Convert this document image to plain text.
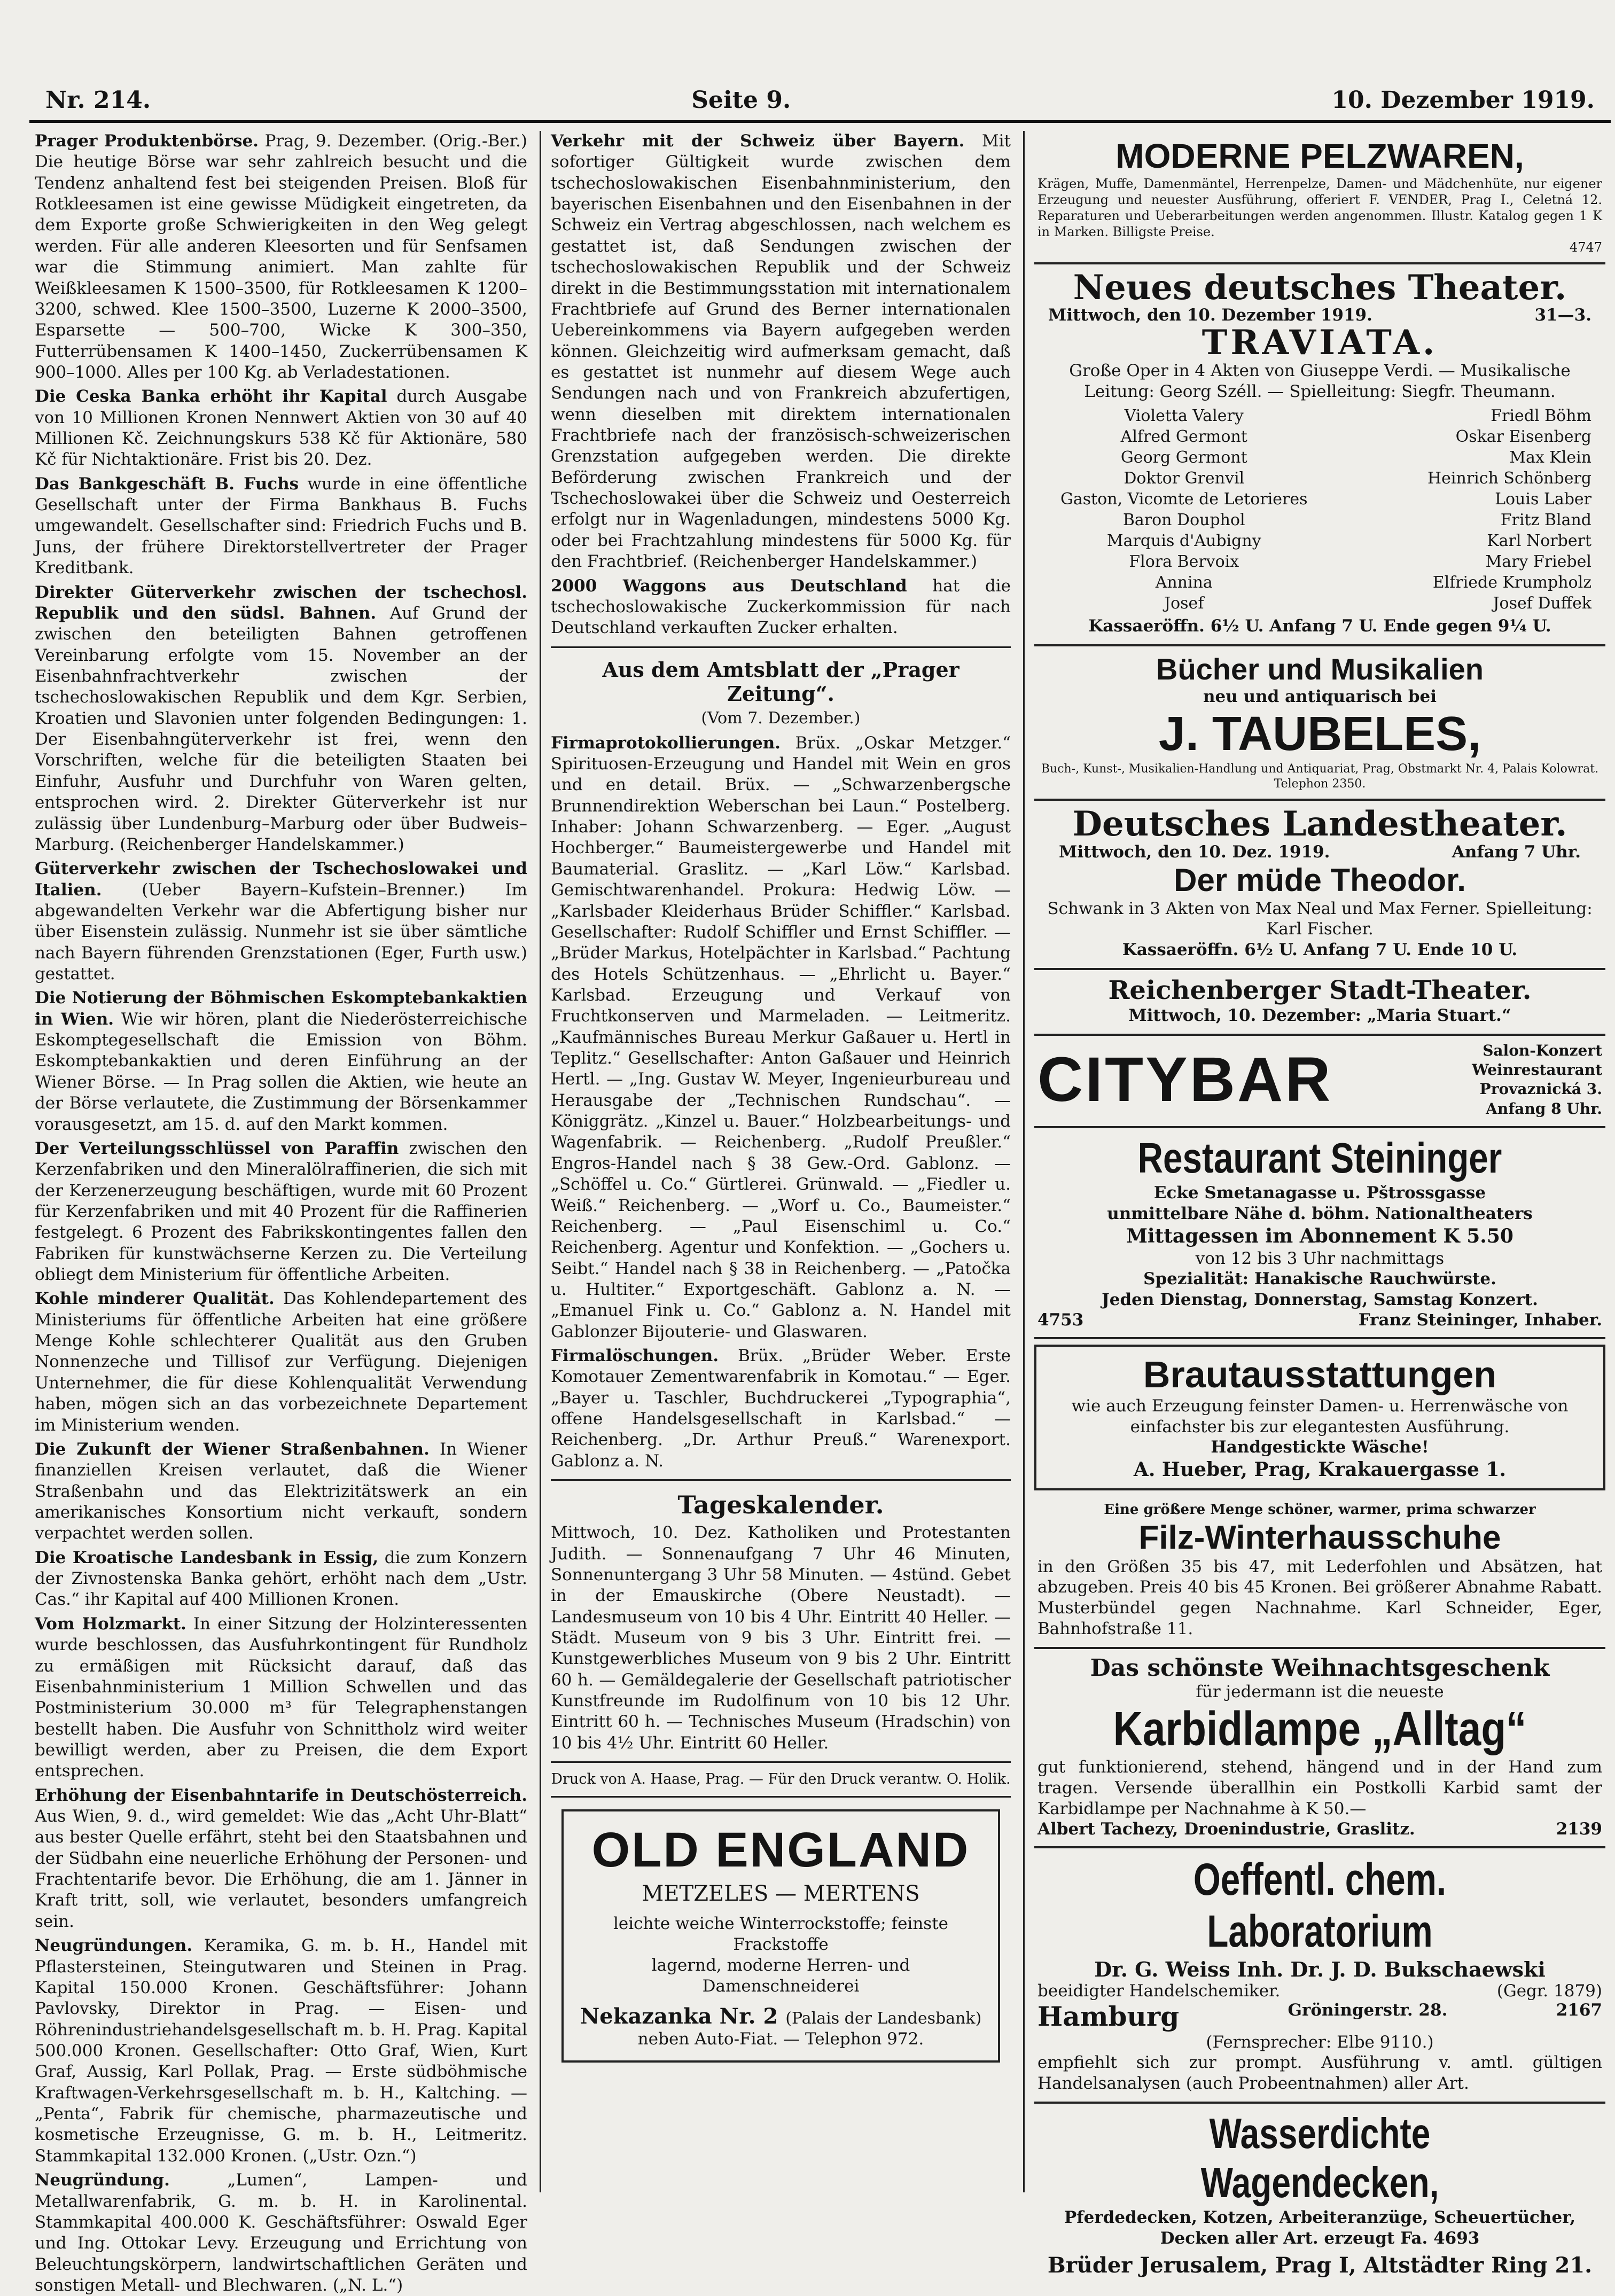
Nr. 214.	Seite 9.	10. Dezember 1919.

Prager Produktenbörse. Prag, 9. Dezember. (Orig.-Ber.) Die heutige Börse war sehr zahlreich besucht und die Tendenz anhaltend fest bei steigenden Preisen. Bloß für Rotkleesamen ist eine gewisse Müdigkeit eingetreten, da dem Exporte große Schwierigkeiten in den Weg gelegt werden. Für alle anderen Kleesorten und für Senfsamen war die Stimmung animiert. Man zahlte für Weißkleesamen K 1500–3500, für Rotkleesamen K 1200–3200, schwed. Klee 1500–3500, Luzerne K 2000–3500, Esparsette — 500–700, Wicke K 300–350, Futterrübensamen K 1400–1450, Zuckerrübensamen K 900–1000. Alles per 100 Kg. ab Verladestationen.

Die Ceska Banka erhöht ihr Kapital durch Ausgabe von 10 Millionen Kronen Nennwert Aktien von 30 auf 40 Millionen Kč. Zeichnungskurs 538 Kč für Aktionäre, 580 Kč für Nichtaktionäre. Frist bis 20. Dez.

Das Bankgeschäft B. Fuchs wurde in eine öffentliche Gesellschaft unter der Firma Bankhaus B. Fuchs umgewandelt. Gesellschafter sind: Friedrich Fuchs und B. Juns, der frühere Direktorstellvertreter der Prager Kreditbank.

Direkter Güterverkehr zwischen der tschechosl. Republik und den südsl. Bahnen. Auf Grund der zwischen den beteiligten Bahnen getroffenen Vereinbarung erfolgte vom 15. November an der Eisenbahnfrachtverkehr zwischen der tschechoslowakischen Republik und dem Kgr. Serbien, Kroatien und Slavonien unter folgenden Bedingungen: 1. Der Eisenbahngüterverkehr ist frei, wenn den Vorschriften, welche für die beteiligten Staaten bei Einfuhr, Ausfuhr und Durchfuhr von Waren gelten, entsprochen wird. 2. Direkter Güterverkehr ist nur zulässig über Lundenburg–Marburg oder über Budweis–Marburg. (Reichenberger Handelskammer.)

Güterverkehr zwischen der Tschechoslowakei und Italien. (Ueber Bayern–Kufstein–Brenner.) Im abgewandelten Verkehr war die Abfertigung bisher nur über Eisenstein zulässig. Nunmehr ist sie über sämtliche nach Bayern führenden Grenzstationen (Eger, Furth usw.) gestattet.

Die Notierung der Böhmischen Eskomptebankaktien in Wien. Wie wir hören, plant die Niederösterreichische Eskomptegesellschaft die Emission von Böhm. Eskomptebankaktien und deren Einführung an der Wiener Börse. — In Prag sollen die Aktien, wie heute an der Börse verlautete, die Zustimmung der Börsenkammer vorausgesetzt, am 15. d. auf den Markt kommen.

Der Verteilungsschlüssel von Paraffin zwischen den Kerzenfabriken und den Mineralölraffinerien, die sich mit der Kerzenerzeugung beschäftigen, wurde mit 60 Prozent für Kerzenfabriken und mit 40 Prozent für die Raffinerien festgelegt. 6 Prozent des Fabrikskontingentes fallen den Fabriken für kunstwächserne Kerzen zu. Die Verteilung obliegt dem Ministerium für öffentliche Arbeiten.

Kohle minderer Qualität. Das Kohlendepartement des Ministeriums für öffentliche Arbeiten hat eine größere Menge Kohle schlechterer Qualität aus den Gruben Nonnenzeche und Tillisof zur Verfügung. Diejenigen Unternehmer, die für diese Kohlenqualität Verwendung haben, mögen sich an das vorbezeichnete Departement im Ministerium wenden.

Die Zukunft der Wiener Straßenbahnen. In Wiener finanziellen Kreisen verlautet, daß die Wiener Straßenbahn und das Elektrizitätswerk an ein amerikanisches Konsortium nicht verkauft, sondern verpachtet werden sollen.

Die Kroatische Landesbank in Essig, die zum Konzern der Zivnostenska Banka gehört, erhöht nach dem „Ustr. Cas.“ ihr Kapital auf 400 Millionen Kronen.

Vom Holzmarkt. In einer Sitzung der Holzinteressenten wurde beschlossen, das Ausfuhrkontingent für Rundholz zu ermäßigen mit Rücksicht darauf, daß das Eisenbahnministerium 1 Million Schwellen und das Postministerium 30.000 m³ für Telegraphenstangen bestellt haben. Die Ausfuhr von Schnittholz wird weiter bewilligt werden, aber zu Preisen, die dem Export entsprechen.

Erhöhung der Eisenbahntarife in Deutschösterreich. Aus Wien, 9. d., wird gemeldet: Wie das „Acht Uhr-Blatt“ aus bester Quelle erfährt, steht bei den Staatsbahnen und der Südbahn eine neuerliche Erhöhung der Personen- und Frachtentarife bevor. Die Erhöhung, die am 1. Jänner in Kraft tritt, soll, wie verlautet, besonders umfangreich sein.

Neugründungen. Keramika, G. m. b. H., Handel mit Pflastersteinen, Steingutwaren und Steinen in Prag. Kapital 150.000 Kronen. Geschäftsführer: Johann Pavlovsky, Direktor in Prag. — Eisen- und Röhrenindustriehandelsgesellschaft m. b. H. Prag. Kapital 500.000 Kronen. Gesellschafter: Otto Graf, Wien, Kurt Graf, Aussig, Karl Pollak, Prag. — Erste südböhmische Kraftwagen-Verkehrsgesellschaft m. b. H., Kaltching. — „Penta“, Fabrik für chemische, pharmazeutische und kosmetische Erzeugnisse, G. m. b. H., Leitmeritz. Stammkapital 132.000 Kronen. („Ustr. Ozn.“)

Neugründung.	„Lumen“, Lampen- und Metallwarenfabrik, G. m. b. H. in Karolinental. Stammkapital 400.000 K. Geschäftsführer: Oswald Eger und Ing. Ottokar Levy. Erzeugung und Errichtung von Beleuchtungskörpern, landwirtschaftlichen Geräten und sonstigen Metall- und Blechwaren. („N. L.“)

Verkehr mit der Schweiz über Bayern. Mit sofortiger Gültigkeit wurde zwischen dem tschechoslowakischen Eisenbahnministerium, den bayerischen Eisenbahnen und den Eisenbahnen in der Schweiz ein Vertrag abgeschlossen, nach welchem es gestattet ist, daß Sendungen zwischen der tschechoslowakischen Republik und der Schweiz direkt in die Bestimmungsstation mit internationalem Frachtbriefe auf Grund des Berner internationalen Uebereinkommens via Bayern aufgegeben werden können. Gleichzeitig wird aufmerksam gemacht, daß es gestattet ist nunmehr auf diesem Wege auch Sendungen nach und von Frankreich abzufertigen, wenn dieselben mit direktem internationalen Frachtbriefe nach der französisch-schweizerischen Grenzstation aufgegeben werden. Die direkte Beförderung zwischen Frankreich und der Tschechoslowakei über die Schweiz und Oesterreich erfolgt nur in Wagenladungen, mindestens 5000 Kg. oder bei Frachtzahlung mindestens für 5000 Kg. für den Frachtbrief. (Reichenberger Handelskammer.)

2000 Waggons aus Deutschland hat die tschechoslowakische Zuckerkommission für nach Deutschland verkauften Zucker erhalten.

Aus dem Amtsblatt der „Prager Zeitung“.
(Vom 7. Dezember.)

Firmaprotokollierungen. Brüx. „Oskar Metzger.“ Spirituosen-Erzeugung und Handel mit Wein en gros und en detail. Brüx. — „Schwarzenbergsche Brunnendirektion Weberschan bei Laun.“ Postelberg. Inhaber: Johann Schwarzenberg. — Eger. „August Hochberger.“ Baumeistergewerbe und Handel mit Baumaterial. Graslitz. — „Karl Löw.“ Karlsbad. Gemischtwarenhandel. Prokura: Hedwig Löw. — „Karlsbader Kleiderhaus Brüder Schiffler.“ Karlsbad. Gesellschafter: Rudolf Schiffler und Ernst Schiffler. — „Brüder Markus, Hotelpächter in Karlsbad.“ Pachtung des Hotels Schützenhaus. — „Ehrlicht u. Bayer.“ Karlsbad. Erzeugung und Verkauf von Fruchtkonserven und Marmeladen. — Leitmeritz. „Kaufmännisches Bureau Merkur Gaßauer u. Hertl in Teplitz.“ Gesellschafter: Anton Gaßauer und Heinrich Hertl. — „Ing. Gustav W. Meyer, Ingenieurbureau und Herausgabe der „Technischen Rundschau“. — Königgrätz. „Kinzel u. Bauer.“ Holzbearbeitungs- und Wagenfabrik. — Reichenberg. „Rudolf Preußler.“ Engros-Handel nach § 38 Gew.-Ord. Gablonz. — „Schöffel u. Co.“ Gürtlerei. Grünwald. — „Fiedler u. Weiß.“ Reichenberg. — „Worf u. Co., Baumeister.“ Reichenberg. — „Paul Eisenschiml u. Co.“ Reichenberg. Agentur und Konfektion. — „Gochers u. Seibt.“ Handel nach § 38 in Reichenberg. — „Patočka u. Hultiter.“ Exportgeschäft. Gablonz a. N. — „Emanuel Fink u. Co.“ Gablonz a. N. Handel mit Gablonzer Bijouterie- und Glaswaren.

Firmalöschungen. Brüx. „Brüder Weber. Erste Komotauer Zementwarenfabrik in Komotau.“ — Eger. „Bayer u. Taschler, Buchdruckerei „Typographia“, offene Handelsgesellschaft in Karlsbad.“ — Reichenberg. „Dr. Arthur Preuß.“ Warenexport. Gablonz a. N.

Tageskalender.

Mittwoch, 10. Dez. Katholiken und Protestanten Judith. — Sonnenaufgang 7 Uhr 46 Minuten, Sonnenuntergang 3 Uhr 58 Minuten. — 4stünd. Gebet in der Emauskirche (Obere Neustadt). — Landesmuseum von 10 bis 4 Uhr. Eintritt 40 Heller. — Städt. Museum von 9 bis 3 Uhr. Eintritt frei. — Kunstgewerbliches Museum von 9 bis 2 Uhr. Eintritt 60 h. — Gemäldegalerie der Gesellschaft patriotischer Kunstfreunde im Rudolfinum von 10 bis 12 Uhr. Eintritt 60 h. — Technisches Museum (Hradschin) von 10 bis 4½ Uhr. Eintritt 60 Heller.

Druck von A. Haase, Prag. — Für den Druck verantw. O. Holik.

OLD ENGLAND
METZELES — MERTENS
leichte weiche Winterrockstoffe; feinste Frackstoffe
lagernd, moderne Herren- und Damenschneiderei
Nekazanka Nr. 2 (Palais der Landesbank)
neben Auto-Fiat. — Telephon 972.
MODERNE PELZWAREN,
Krägen, Muffe, Damenmäntel, Herrenpelze, Damen- und Mädchenhüte, nur eigener Erzeugung und neuester Ausführung, offeriert F. VENDER, Prag I., Celetná 12. Reparaturen und Ueberarbeitungen werden angenommen. Illustr. Katalog gegen 1 K in Marken. Billigste Preise.
4747
Neues deutsches Theater.
Mittwoch, den 10. Dezember 1919.	31—3.
TRAVIATA.
Große Oper in 4 Akten von Giuseppe Verdi. — Musikalische Leitung: Georg Széll. — Spielleitung: Siegfr. Theumann.
Violetta Valery	Friedl Böhm
Alfred Germont	Oskar Eisenberg
Georg Germont	Max Klein
Doktor Grenvil	Heinrich Schönberg
Gaston, Vicomte de Letorieres	Louis Laber
Baron Douphol	Fritz Bland
Marquis d'Aubigny	Karl Norbert
Flora Bervoix	Mary Friebel
Annina	Elfriede Krumpholz
Josef	Josef Duffek
Kassaeröffn. 6½ U. Anfang 7 U. Ende gegen 9¼ U.
Bücher und Musikalien
neu und antiquarisch bei
J. TAUBELES,
Buch-, Kunst-, Musikalien-Handlung und Antiquariat, Prag, Obstmarkt Nr. 4, Palais Kolowrat. Telephon 2350.
Deutsches Landestheater.
Mittwoch, den 10. Dez. 1919.	Anfang 7 Uhr.
Der müde Theodor.
Schwank in 3 Akten von Max Neal und Max Ferner. Spielleitung: Karl Fischer.
Kassaeröffn. 6½ U. Anfang 7 U. Ende 10 U.
Reichenberger Stadt-Theater.
Mittwoch, 10. Dezember: „Maria Stuart.“
CITYBAR	Salon-Konzert
Weinrestaurant
Provaznická 3.
Anfang 8 Uhr.
Restaurant Steininger
Ecke Smetanagasse u. Pštrossgasse
unmittelbare Nähe d. böhm. Nationaltheaters
Mittagessen im Abonnement K 5.50
von 12 bis 3 Uhr nachmittags
Spezialität: Hanakische Rauchwürste.
Jeden Dienstag, Donnerstag, Samstag Konzert.
4753	Franz Steininger, Inhaber.
Brautausstattungen
wie auch Erzeugung feinster Damen- u. Herrenwäsche von einfachster bis zur elegantesten Ausführung.
Handgestickte Wäsche!
A. Hueber, Prag, Krakauergasse 1.
Eine größere Menge schöner, warmer, prima schwarzer
Filz-Winterhausschuhe
in den Größen 35 bis 47, mit Lederfohlen und Absätzen, hat abzugeben. Preis 40 bis 45 Kronen. Bei größerer Abnahme Rabatt. Musterbündel gegen Nachnahme. Karl Schneider, Eger, Bahnhofstraße 11.
Das schönste Weihnachtsgeschenk
für jedermann ist die neueste
Karbidlampe „Alltag“
gut funktionierend, stehend, hängend und in der Hand zum tragen. Versende überallhin ein Postkolli Karbid samt der Karbidlampe per Nachnahme à K 50.—
Albert Tachezy, Droenindustrie, Graslitz.	2139
Oeffentl. chem. Laboratorium
Dr. G. Weiss Inh. Dr. J. D. Bukschaewski
beeidigter Handelschemiker.	(Gegr. 1879)
Hamburg	Gröningerstr. 28.	2167
(Fernsprecher: Elbe 9110.)
empfiehlt sich zur prompt. Ausführung v. amtl. gültigen Handelsanalysen (auch Probeentnahmen) aller Art.
Wasserdichte Wagendecken,
Pferdedecken, Kotzen, Arbeiteranzüge, Scheuertücher, Decken aller Art. erzeugt Fa. 4693
Brüder Jerusalem, Prag I, Altstädter Ring 21.
